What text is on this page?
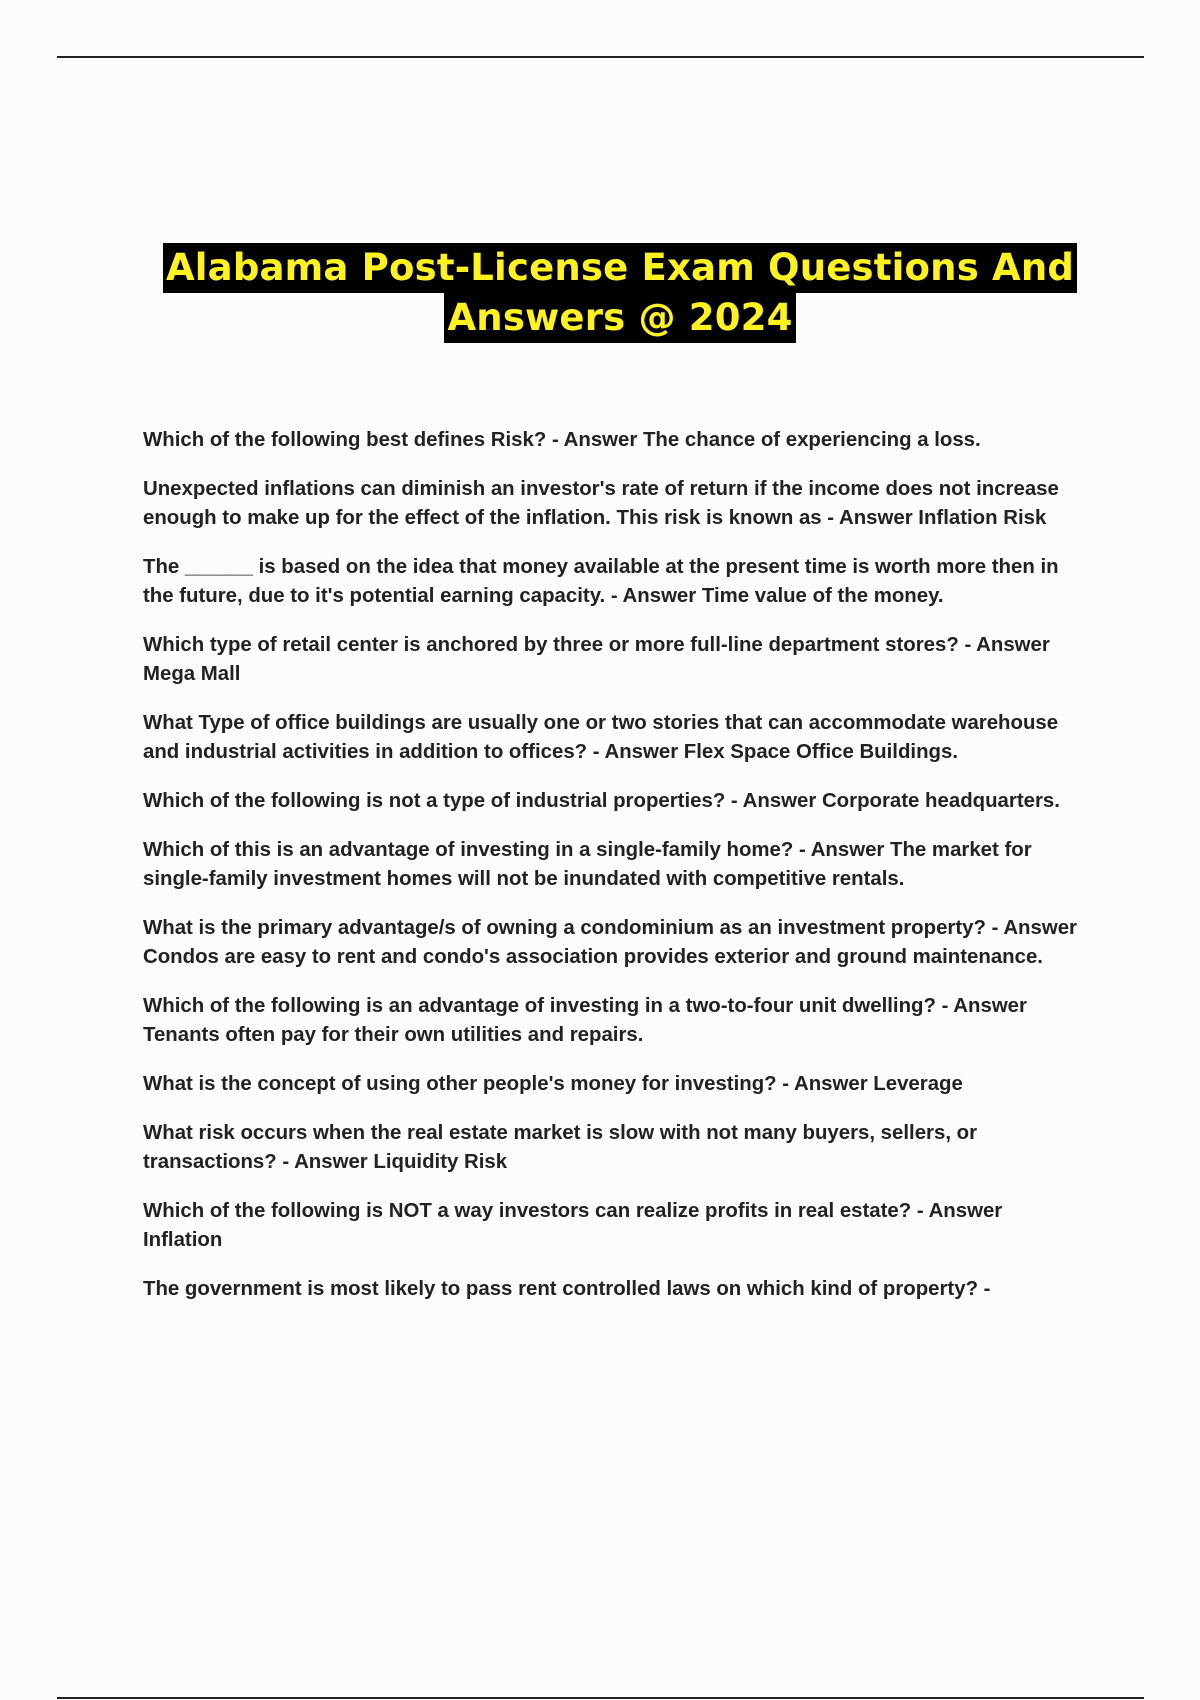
Alabama Post-License Exam Questions And
Answers @ 2024
Which of the following best defines Risk? - Answer The chance of experiencing a loss.
Unexpected inflations can diminish an investor's rate of return if the income does not increase enough to make up for the effect of the inflation. This risk is known as - Answer Inflation Risk
The ______ is based on the idea that money available at the present time is worth more then in the future, due to it's potential earning capacity. - Answer Time value of the money.
Which type of retail center is anchored by three or more full-line department stores? - Answer Mega Mall
What Type of office buildings are usually one or two stories that can accommodate warehouse and industrial activities in addition to offices? - Answer Flex Space Office Buildings.
Which of the following is not a type of industrial properties? - Answer Corporate headquarters.
Which of this is an advantage of investing in a single-family home? - Answer The market for single-family investment homes will not be inundated with competitive rentals.
What is the primary advantage/s of owning a condominium as an investment property? - Answer Condos are easy to rent and condo's association provides exterior and ground maintenance.
Which of the following is an advantage of investing in a two-to-four unit dwelling? - Answer Tenants often pay for their own utilities and repairs.
What is the concept of using other people's money for investing? - Answer Leverage
What risk occurs when the real estate market is slow with not many buyers, sellers, or transactions? - Answer Liquidity Risk
Which of the following is NOT a way investors can realize profits in real estate? - Answer Inflation
The government is most likely to pass rent controlled laws on which kind of property? -
